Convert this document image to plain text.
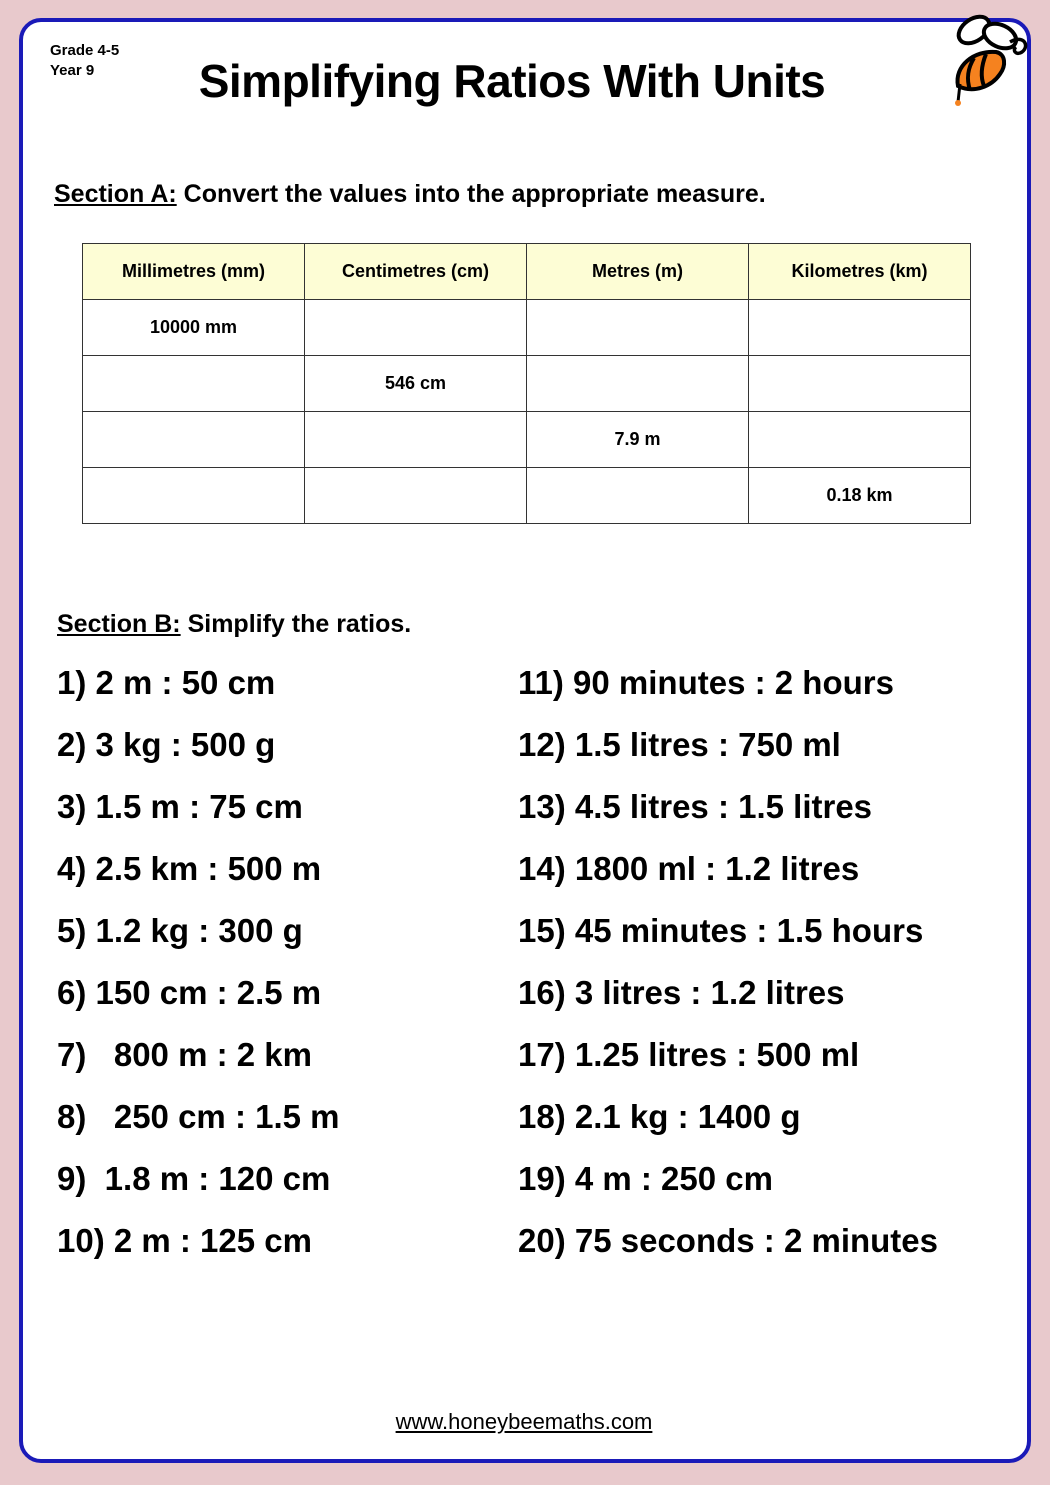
Grade 4-5
Year 9	Simplifying Ratios With Units
Section A: Convert the values into the appropriate measure.
Millimetres (mm)	Centimetres (cm)	Metres (m)	Kilometres (km)
10000 mm			
	546 cm		
		7.9 m	
			0.18 km
Section B: Simplify the ratios.
1) 2 m : 50 cm
2) 3 kg : 500 g
3) 1.5 m : 75 cm
4) 2.5 km : 500 m
5) 1.2 kg : 300 g
6) 150 cm : 2.5 m
7)   800 m : 2 km
8)   250 cm : 1.5 m
9)  1.8 m : 120 cm
10) 2 m : 125 cm
11) 90 minutes : 2 hours
12) 1.5 litres : 750 ml
13) 4.5 litres : 1.5 litres
14) 1800 ml : 1.2 litres
15) 45 minutes : 1.5 hours
16) 3 litres : 1.2 litres
17) 1.25 litres : 500 ml
18) 2.1 kg : 1400 g
19) 4 m : 250 cm
20) 75 seconds : 2 minutes
www.honeybeemaths.com
